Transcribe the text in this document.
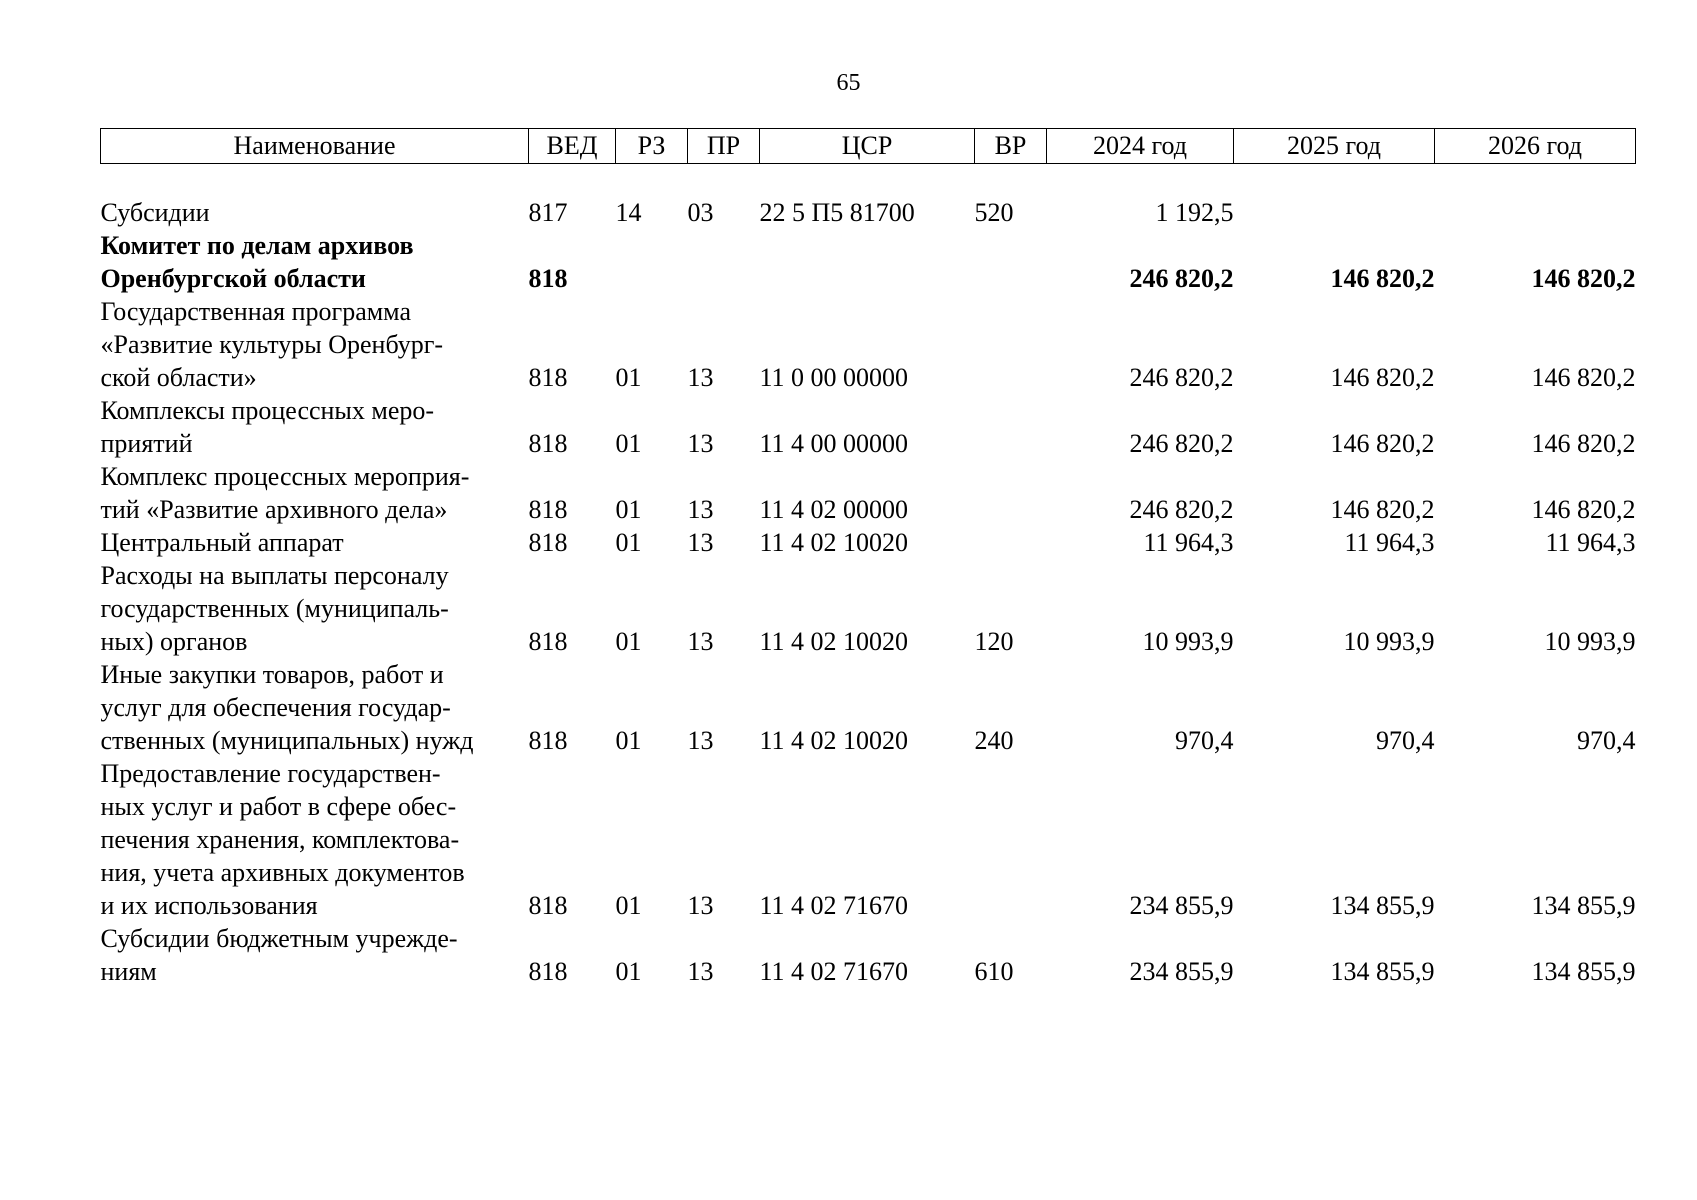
65
Наименование	ВЕД	РЗ	ПР	ЦСР	ВР	2024 год	2025 год	2026 год

Субсидии	817	14	03	22 5 П5 81700	520	1 192,5		

Комитет по делам архивов
Оренбургской области	818					246 820,2	146 820,2	146 820,2

Государственная программа
«Развитие культуры Оренбург-
ской области»	818	01	13	11 0 00 00000		246 820,2	146 820,2	146 820,2

Комплексы процессных меро-
приятий	818	01	13	11 4 00 00000		246 820,2	146 820,2	146 820,2

Комплекс процессных мероприя-
тий «Развитие архивного дела»	818	01	13	11 4 02 00000		246 820,2	146 820,2	146 820,2

Центральный аппарат	818	01	13	11 4 02 10020		11 964,3	11 964,3	11 964,3

Расходы на выплаты персоналу
государственных (муниципаль-
ных) органов	818	01	13	11 4 02 10020	120	10 993,9	10 993,9	10 993,9

Иные закупки товаров, работ и
услуг для обеспечения государ-
ственных (муниципальных) нужд	818	01	13	11 4 02 10020	240	970,4	970,4	970,4

Предоставление государствен-
ных услуг и работ в сфере обес-
печения хранения, комплектова-
ния, учета архивных документов
и их использования	818	01	13	11 4 02 71670		234 855,9	134 855,9	134 855,9

Субсидии бюджетным учрежде-
ниям	818	01	13	11 4 02 71670	610	234 855,9	134 855,9	134 855,9
